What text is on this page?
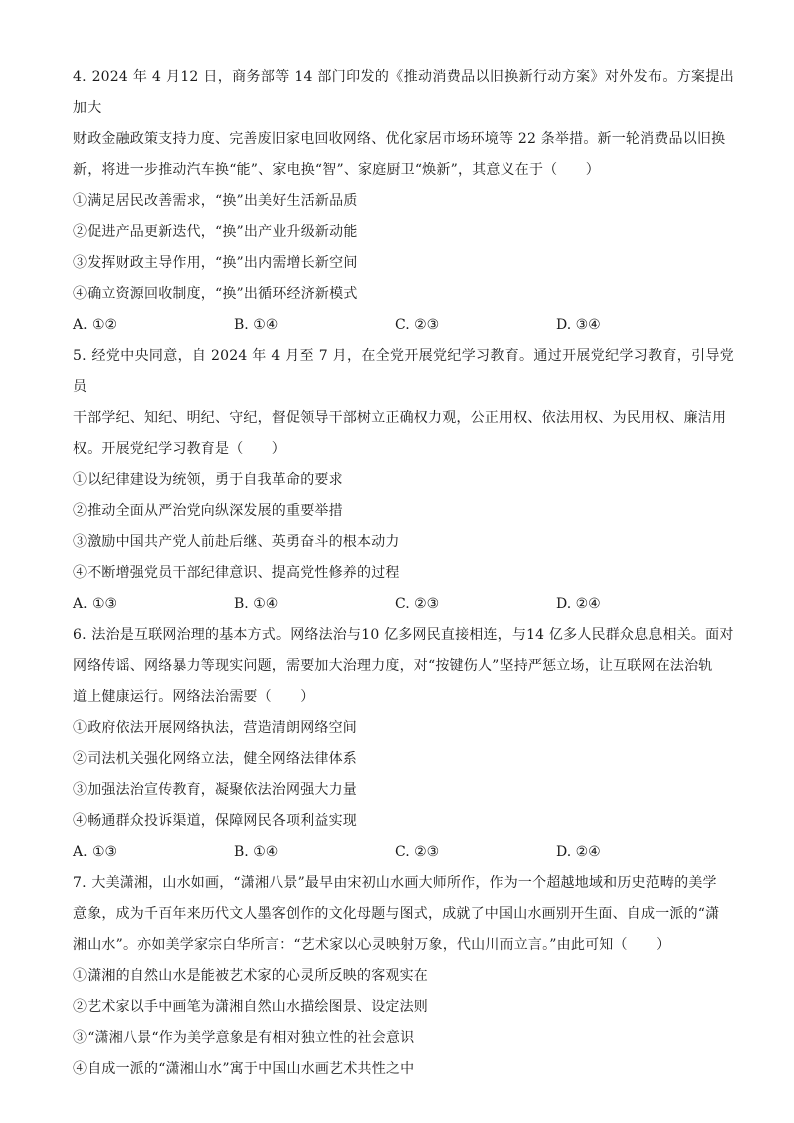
4. 2024 年 4 月12 日，商务部等 14 部门印发的《推动消费品以旧换新行动方案》对外发布。方案提出加大

财政金融政策支持力度、完善废旧家电回收网络、优化家居市场环境等 22 条举措。新一轮消费品以旧换

新，将进一步推动汽车换“能”、家电换“智”、家庭厨卫“焕新”，其意义在于（　　）

①满足居民改善需求，“换”出美好生活新品质

②促进产品更新迭代，“换”出产业升级新动能

③发挥财政主导作用，“换”出内需增长新空间

④确立资源回收制度，“换”出循环经济新模式

A. ①②	B. ①④	C. ②③	D. ③④

5. 经党中央同意，自 2024 年 4 月至 7 月，在全党开展党纪学习教育。通过开展党纪学习教育，引导党员

干部学纪、知纪、明纪、守纪，督促领导干部树立正确权力观，公正用权、依法用权、为民用权、廉洁用

权。开展党纪学习教育是（　　）

①以纪律建设为统领，勇于自我革命的要求

②推动全面从严治党向纵深发展的重要举措

③激励中国共产党人前赴后继、英勇奋斗的根本动力

④不断增强党员干部纪律意识、提高党性修养的过程

A. ①③	B. ①④	C. ②③	D. ②④

6. 法治是互联网治理的基本方式。网络法治与10 亿多网民直接相连，与14 亿多人民群众息息相关。面对

网络传谣、网络暴力等现实问题，需要加大治理力度，对“按键伤人”坚持严惩立场，让互联网在法治轨

道上健康运行。网络法治需要（　　）

①政府依法开展网络执法，营造清朗网络空间

②司法机关强化网络立法，健全网络法律体系

③加强法治宣传教育，凝聚依法治网强大力量

④畅通群众投诉渠道，保障网民各项利益实现

A. ①③	B. ①④	C. ②③	D. ②④

7. 大美潇湘，山水如画，“潇湘八景”最早由宋初山水画大师所作，作为一个超越地域和历史范畴的美学

意象，成为千百年来历代文人墨客创作的文化母题与图式，成就了中国山水画别开生面、自成一派的“潇

湘山水”。亦如美学家宗白华所言：“艺术家以心灵映射万象，代山川而立言。”由此可知（　　）

①潇湘的自然山水是能被艺术家的心灵所反映的客观实在

②艺术家以手中画笔为潇湘自然山水描绘图景、设定法则

③“潇湘八景“作为美学意象是有相对独立性的社会意识

④自成一派的“潇湘山水”寓于中国山水画艺术共性之中
